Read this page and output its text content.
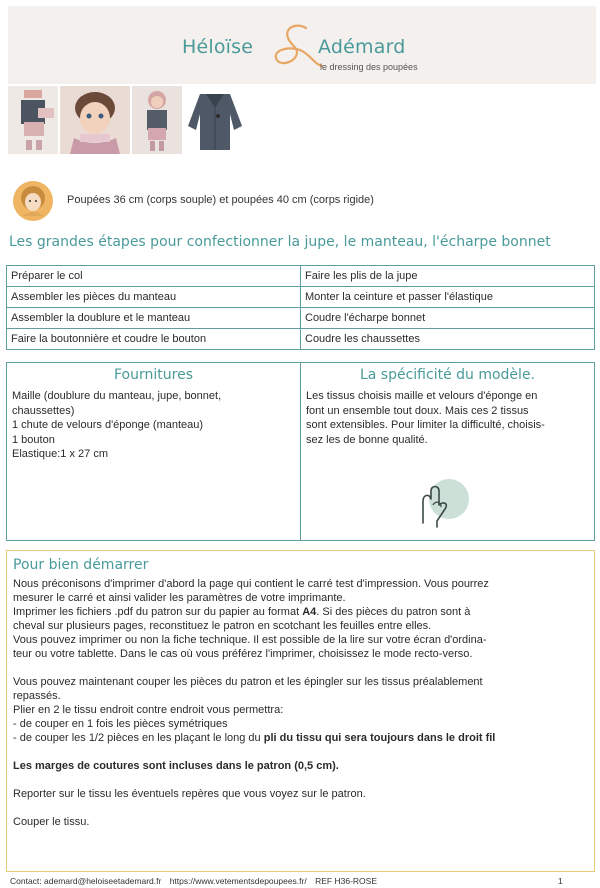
Héloïse	Adémard
le dressing des poupées
Poupées 36 cm (corps souple) et poupées 40 cm (corps rigide)
Les grandes étapes pour confectionner la jupe, le manteau, l'écharpe bonnet
Préparer le col	Faire les plis de la jupe
Assembler les pièces du manteau	Monter la ceinture et passer l'élastique
Assembler la doublure et le manteau	Coudre l'écharpe bonnet
Faire la boutonnière et coudre le bouton	Coudre les chaussettes
Fournitures
Maille (doublure du manteau, jupe, bonnet,
chaussettes)
1 chute de velours d'éponge (manteau)
1 bouton
Elastique:1 x 27 cm
La spécificité du modèle.
Les tissus choisis maille et velours d'éponge en
font un ensemble tout doux. Mais ces 2 tissus
sont extensibles. Pour limiter la difficulté, choisis-
sez les de bonne qualité.
Pour bien démarrer

Nous préconisons d'imprimer d'abord la page qui contient le carré test d'impression. Vous pourrez

mesurer le carré et ainsi valider les paramètres de votre imprimante.

Imprimer les fichiers .pdf du patron sur du papier au format A4. Si des pièces du patron sont à

cheval sur plusieurs pages, reconstituez le patron en scotchant les feuilles entre elles.

Vous pouvez imprimer ou non la fiche technique. Il est possible de la lire sur votre écran d'ordina-

teur ou votre tablette. Dans le cas où vous préférez l'imprimer, choisissez le mode recto-verso.

Vous pouvez maintenant couper les pièces du patron et les épingler sur les tissus préalablement

repassés.

Plier en 2 le tissu endroit contre endroit vous permettra:

- de couper en 1 fois les pièces symétriques

- de couper les 1/2 pièces en les plaçant le long du pli du tissu qui sera toujours dans le droit fil

Les marges de coutures sont incluses dans le patron (0,5 cm).

Reporter sur le tissu les éventuels repères que vous voyez sur le patron.

Couper le tissu.

Contact: ademard@heloiseetademard.fr https://www.vetementsdepoupees.fr/ REF H36-ROSE	1
